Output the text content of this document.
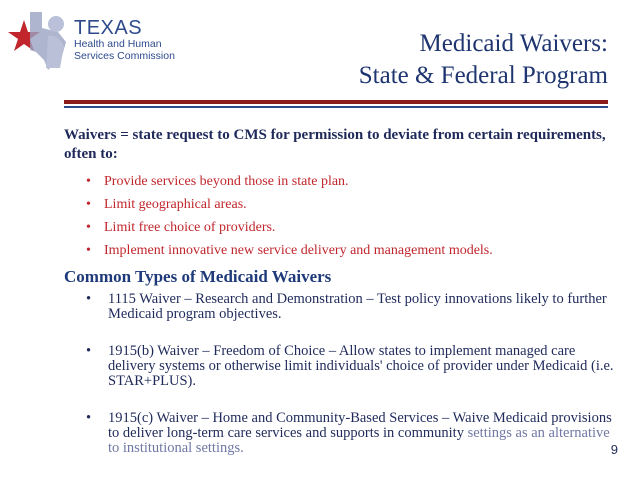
TEXAS
Health and Human
Services Commission	Medicaid Waivers:
State & Federal Program

Waivers = state request to CMS for permission to deviate from certain requirements, often to:

• Provide services beyond those in state plan.
• Limit geographical areas.
• Limit free choice of providers.
• Implement innovative new service delivery and management models.
Common Types of Medicaid Waivers
• 1115 Waiver – Research and Demonstration – Test policy innovations likely to further Medicaid program objectives.
• 1915(b) Waiver – Freedom of Choice – Allow states to implement managed care delivery systems or otherwise limit individuals' choice of provider under Medicaid (i.e. STAR+PLUS).
• 1915(c) Waiver – Home and Community-Based Services – Waive Medicaid provisions to deliver long-term care services and supports in community settings as an alternative to institutional settings.	9
